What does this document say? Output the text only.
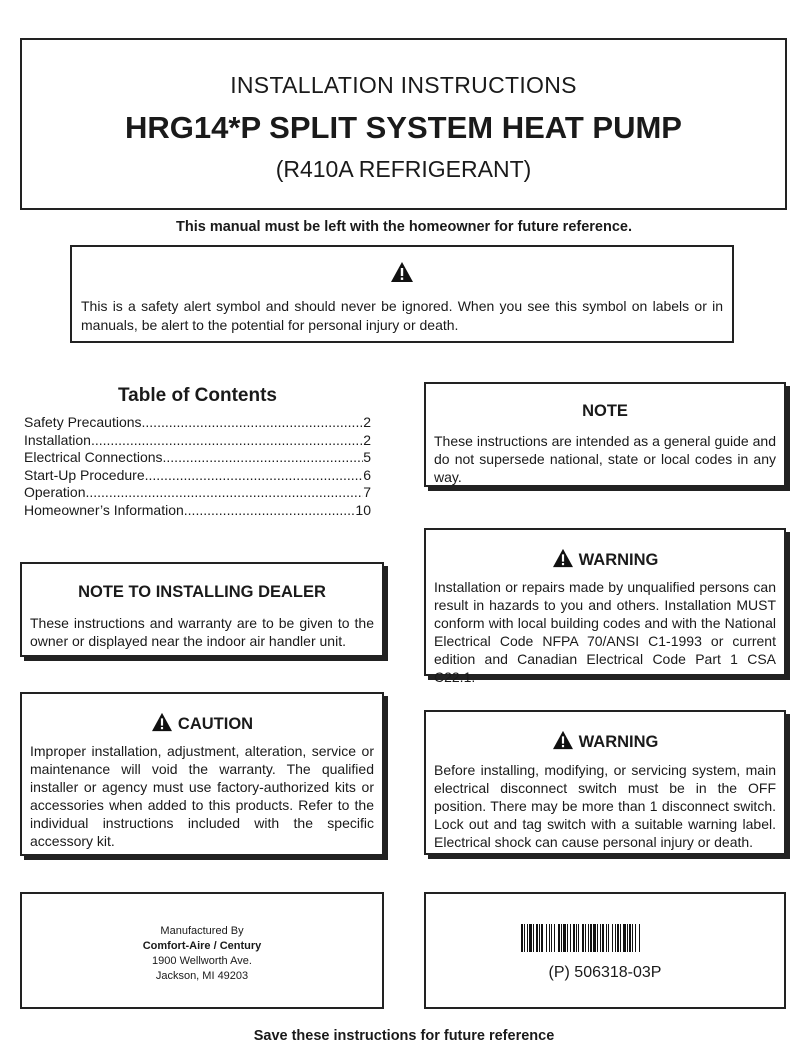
INSTALLATION INSTRUCTIONS
HRG14*P SPLIT SYSTEM HEAT PUMP
(R410A REFRIGERANT)
This manual must be left with the homeowner for future reference.
This is a safety alert symbol and should never be ignored. When you see this symbol on labels or in manuals, be alert to the potential for personal injury or death.
Table of Contents
Safety Precautions .....	2
Installation .....	2
Electrical Connections .....	5
Start-Up Procedure .....	6
Operation .....	7
Homeowner’s Information .....	10
NOTE
These instructions are intended as a general guide and do not supersede national, state or local codes in any way.
NOTE TO INSTALLING DEALER
These instructions and warranty are to be given to the owner or displayed near the indoor air handler unit.
WARNING
Installation or repairs made by unqualified persons can result in hazards to you and others. Installation MUST conform with local building codes and with the National Electrical Code NFPA 70/ANSI C1-1993 or current edition and Canadian Electrical Code Part 1 CSA C22.1.
CAUTION
Improper installation, adjustment, alteration, service or maintenance will void the warranty. The qualified installer or agency must use factory-authorized kits or accessories when added to this products. Refer to the individual instructions included with the specific accessory kit.
WARNING
Before installing, modifying, or servicing system, main electrical disconnect switch must be in the OFF position. There may be more than 1 disconnect switch. Lock out and tag switch with a suitable warning label. Electrical shock can cause personal injury or death.
Manufactured By
Comfort-Aire / Century
1900 Wellworth Ave.
Jackson, MI 49203	(P) 506318-03P
Save these instructions for future reference
